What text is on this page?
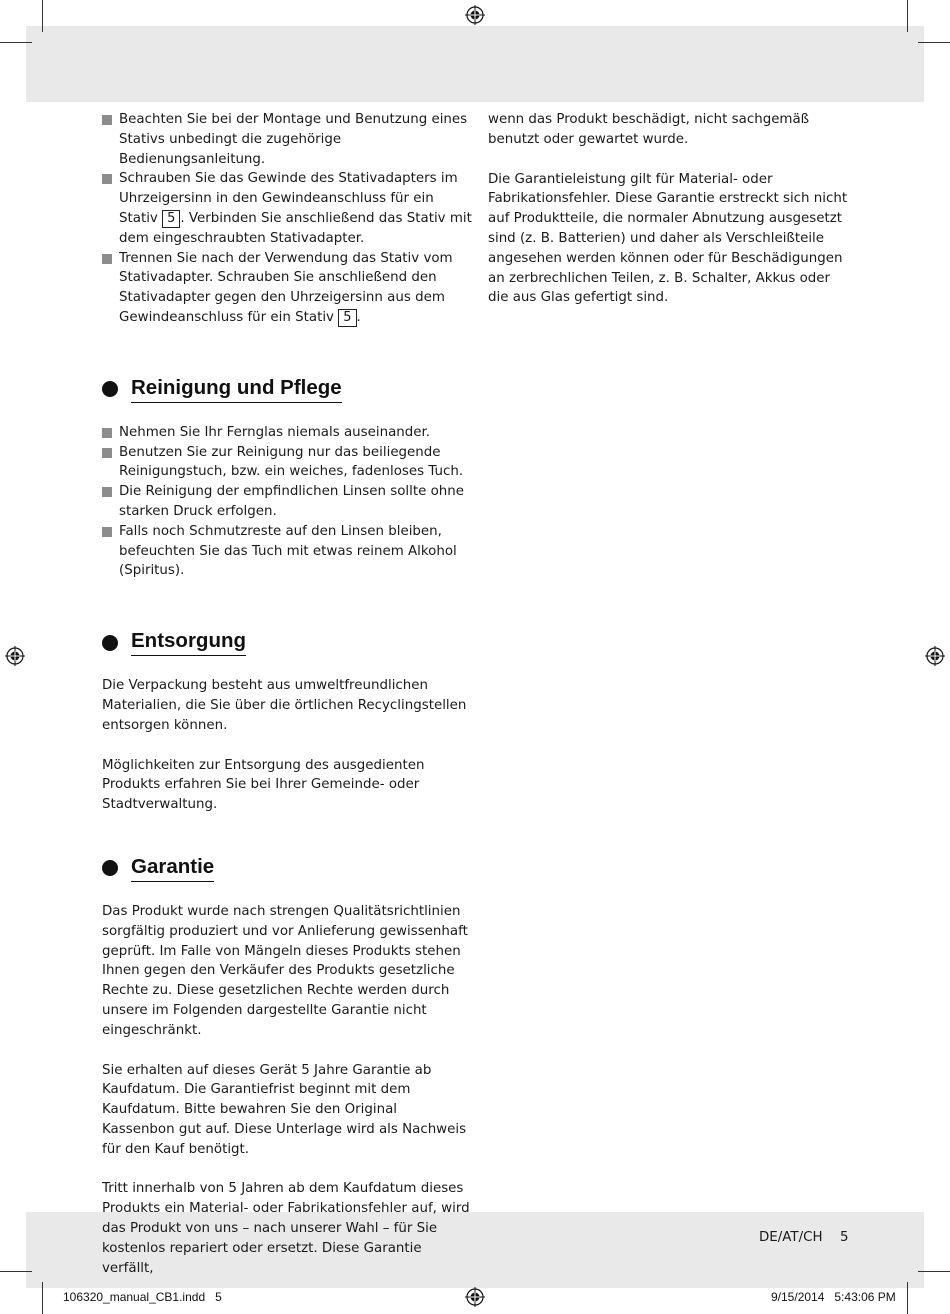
Beachten Sie bei der Montage und Benutzung eines Stativs unbedingt die zugehörige Bedienungsanleitung.
Schrauben Sie das Gewinde des Stativadapters im Uhrzeigersinn in den Gewindeanschluss für ein Stativ 5 . Verbinden Sie anschließend das Stativ mit dem eingeschraubten Stativadapter.
Trennen Sie nach der Verwendung das Stativ vom Stativadapter. Schrauben Sie anschließend den Stativadapter gegen den Uhrzeigersinn aus dem Gewindeanschluss für ein Stativ 5 .
Reinigung und Pflege
Nehmen Sie Ihr Fernglas niemals auseinander.
Benutzen Sie zur Reinigung nur das beiliegende Reinigungstuch, bzw. ein weiches, fadenloses Tuch.
Die Reinigung der empfindlichen Linsen sollte ohne starken Druck erfolgen.
Falls noch Schmutzreste auf den Linsen bleiben, befeuchten Sie das Tuch mit etwas reinem Alkohol (Spiritus).
Entsorgung

Die Verpackung besteht aus umweltfreundlichen Materialien, die Sie über die örtlichen Recyclingstellen entsorgen können.

Möglichkeiten zur Entsorgung des ausgedienten Produkts erfahren Sie bei Ihrer Gemeinde- oder Stadtverwaltung.

Garantie

Das Produkt wurde nach strengen Qualitätsrichtlinien sorgfältig produziert und vor Anlieferung gewissenhaft geprüft. Im Falle von Mängeln dieses Produkts stehen Ihnen gegen den Verkäufer des Produkts gesetzliche Rechte zu. Diese gesetzlichen Rechte werden durch unsere im Folgenden dargestellte Garantie nicht eingeschränkt.

Sie erhalten auf dieses Gerät 5 Jahre Garantie ab Kaufdatum. Die Garantiefrist beginnt mit dem Kaufdatum. Bitte bewahren Sie den Original Kassenbon gut auf. Diese Unterlage wird als Nachweis für den Kauf benötigt.

Tritt innerhalb von 5 Jahren ab dem Kaufdatum dieses Produkts ein Material- oder Fabrikationsfehler auf, wird das Produkt von uns – nach unserer Wahl – für Sie kostenlos repariert oder ersetzt. Diese Garantie verfällt,

wenn das Produkt beschädigt, nicht sachgemäß benutzt oder gewartet wurde.

Die Garantieleistung gilt für Material- oder Fabrikationsfehler. Diese Garantie erstreckt sich nicht auf Produktteile, die normaler Abnutzung ausgesetzt sind (z. B. Batterien) und daher als Verschleißteile angesehen werden können oder für Beschädigungen an zerbrechlichen Teilen, z. B. Schalter, Akkus oder die aus Glas gefertigt sind.

DE/AT/CH 5
106320_manual_CB1.indd   5	9/15/2014   5:43:06 PM
